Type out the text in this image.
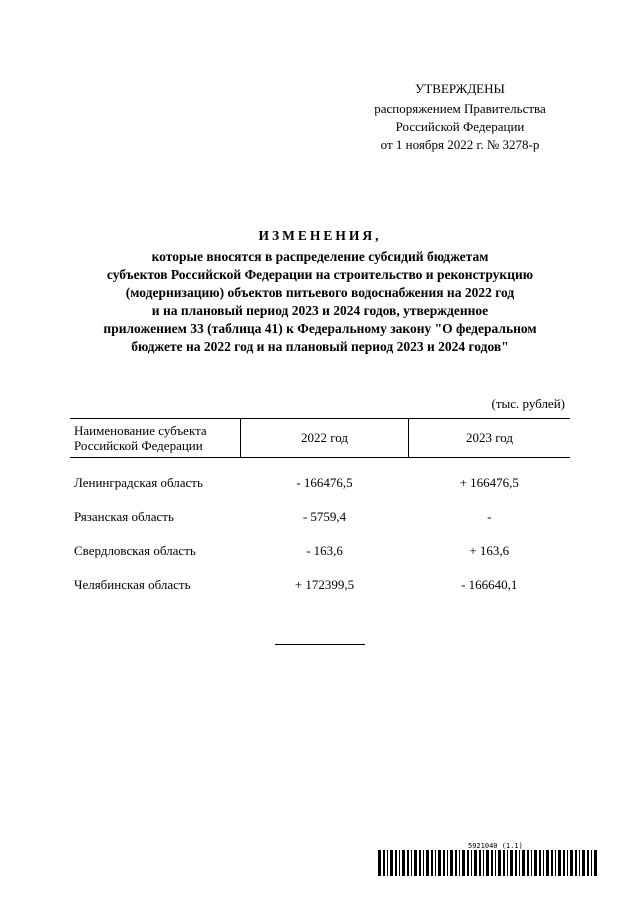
УТВЕРЖДЕНЫ
распоряжением Правительства
Российской Федерации
от 1 ноября 2022 г. № 3278-р
ИЗМЕНЕНИЯ,
которые вносятся в распределение субсидий бюджетам
субъектов Российской Федерации на строительство и реконструкцию
(модернизацию) объектов питьевого водоснабжения на 2022 год
и на плановый период 2023 и 2024 годов, утвержденное
приложением 33 (таблица 41) к Федеральному закону "О федеральном
бюджете на 2022 год и на плановый период 2023 и 2024 годов"
(тыс. рублей)
Наименование субъекта
Российской Федерации	2022 год	2023 год
Ленинградская область	- 166476,5	+ 166476,5
Рязанская область	- 5759,4	-
Свердловская область	- 163,6	+ 163,6
Челябинская область	+ 172399,5	- 166640,1
5921040 (1.1)
